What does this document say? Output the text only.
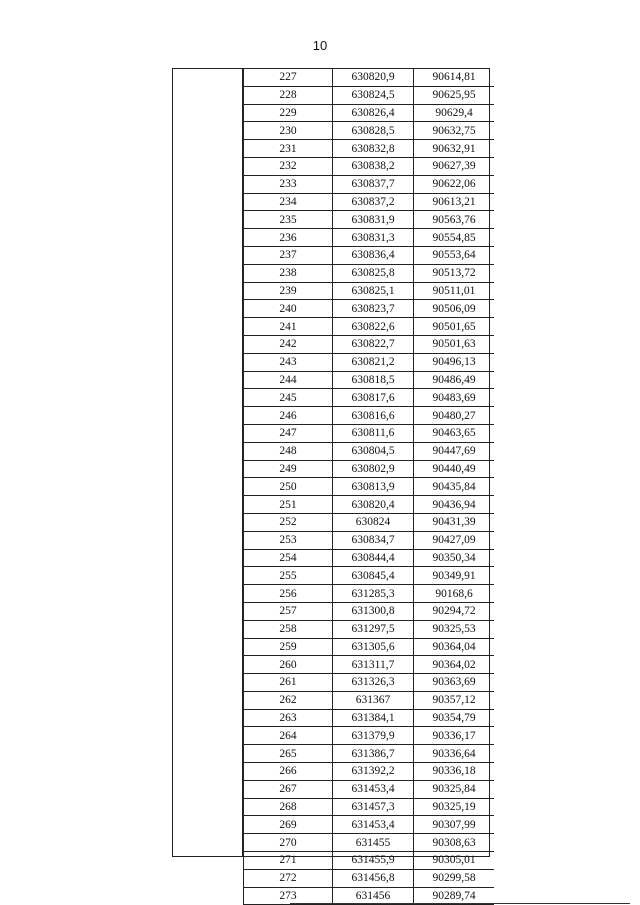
10
227	630820,9	90614,81
228	630824,5	90625,95
229	630826,4	90629,4
230	630828,5	90632,75
231	630832,8	90632,91
232	630838,2	90627,39
233	630837,7	90622,06
234	630837,2	90613,21
235	630831,9	90563,76
236	630831,3	90554,85
237	630836,4	90553,64
238	630825,8	90513,72
239	630825,1	90511,01
240	630823,7	90506,09
241	630822,6	90501,65
242	630822,7	90501,63
243	630821,2	90496,13
244	630818,5	90486,49
245	630817,6	90483,69
246	630816,6	90480,27
247	630811,6	90463,65
248	630804,5	90447,69
249	630802,9	90440,49
250	630813,9	90435,84
251	630820,4	90436,94
252	630824	90431,39
253	630834,7	90427,09
254	630844,4	90350,34
255	630845,4	90349,91
256	631285,3	90168,6
257	631300,8	90294,72
258	631297,5	90325,53
259	631305,6	90364,04
260	631311,7	90364,02
261	631326,3	90363,69
262	631367	90357,12
263	631384,1	90354,79
264	631379,9	90336,17
265	631386,7	90336,64
266	631392,2	90336,18
267	631453,4	90325,84
268	631457,3	90325,19
269	631453,4	90307,99
270	631455	90308,63
271	631455,9	90305,01
272	631456,8	90299,58
273	631456	90289,74
